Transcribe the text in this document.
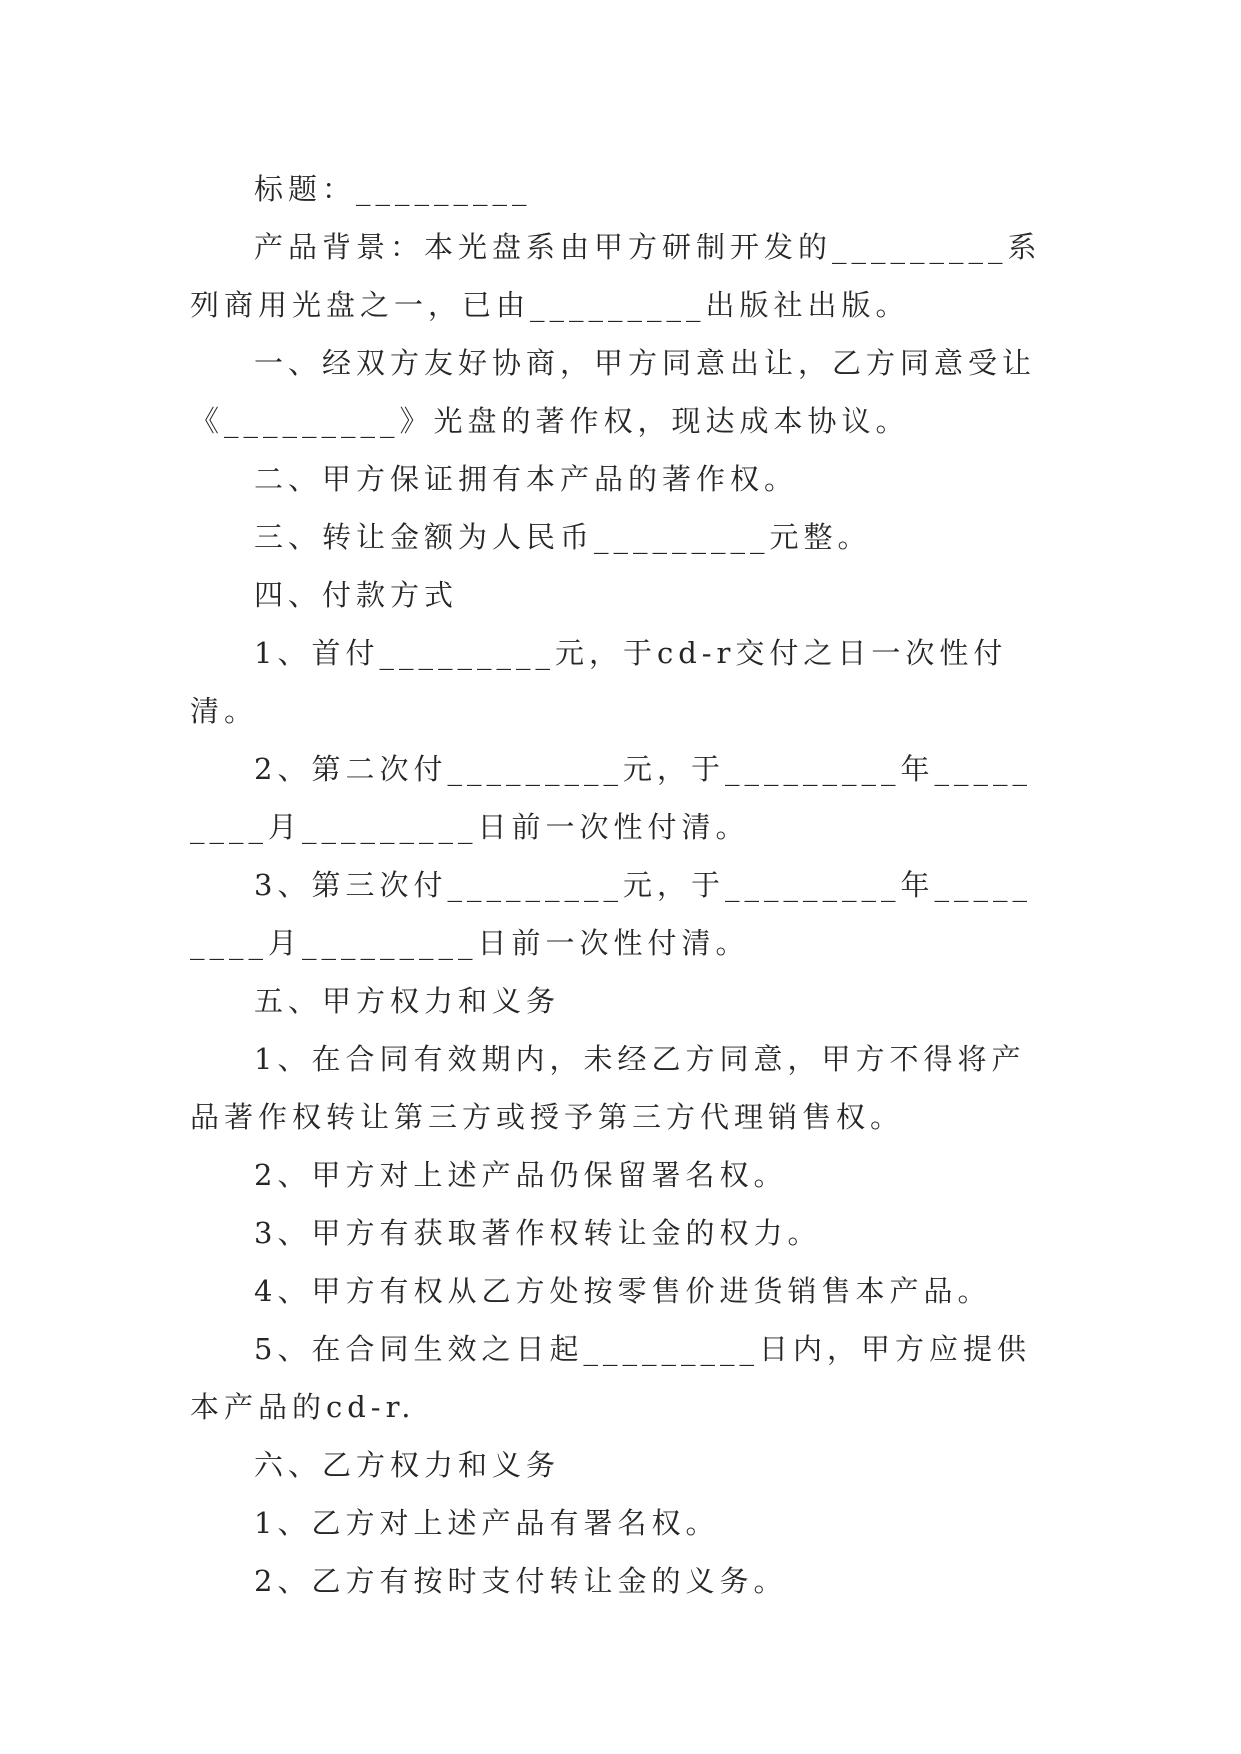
标题：_________

产品背景：本光盘系由甲方研制开发的_________系列商用光盘之一，已由_________出版社出版。

一、经双方友好协商，甲方同意出让，乙方同意受让《_________》光盘的著作权，现达成本协议。

二、甲方保证拥有本产品的著作权。

三、转让金额为人民币_________元整。

四、付款方式

1、首付_________元，于cd-r交付之日一次性付清。

2、第二次付_________元，于_________年_________月_________日前一次性付清。

3、第三次付_________元，于_________年_________月_________日前一次性付清。

五、甲方权力和义务

1、在合同有效期内，未经乙方同意，甲方不得将产品著作权转让第三方或授予第三方代理销售权。

2、甲方对上述产品仍保留署名权。

3、甲方有获取著作权转让金的权力。

4、甲方有权从乙方处按零售价进货销售本产品。

5、在合同生效之日起_________日内，甲方应提供本产品的cd-r.

六、乙方权力和义务

1、乙方对上述产品有署名权。

2、乙方有按时支付转让金的义务。
